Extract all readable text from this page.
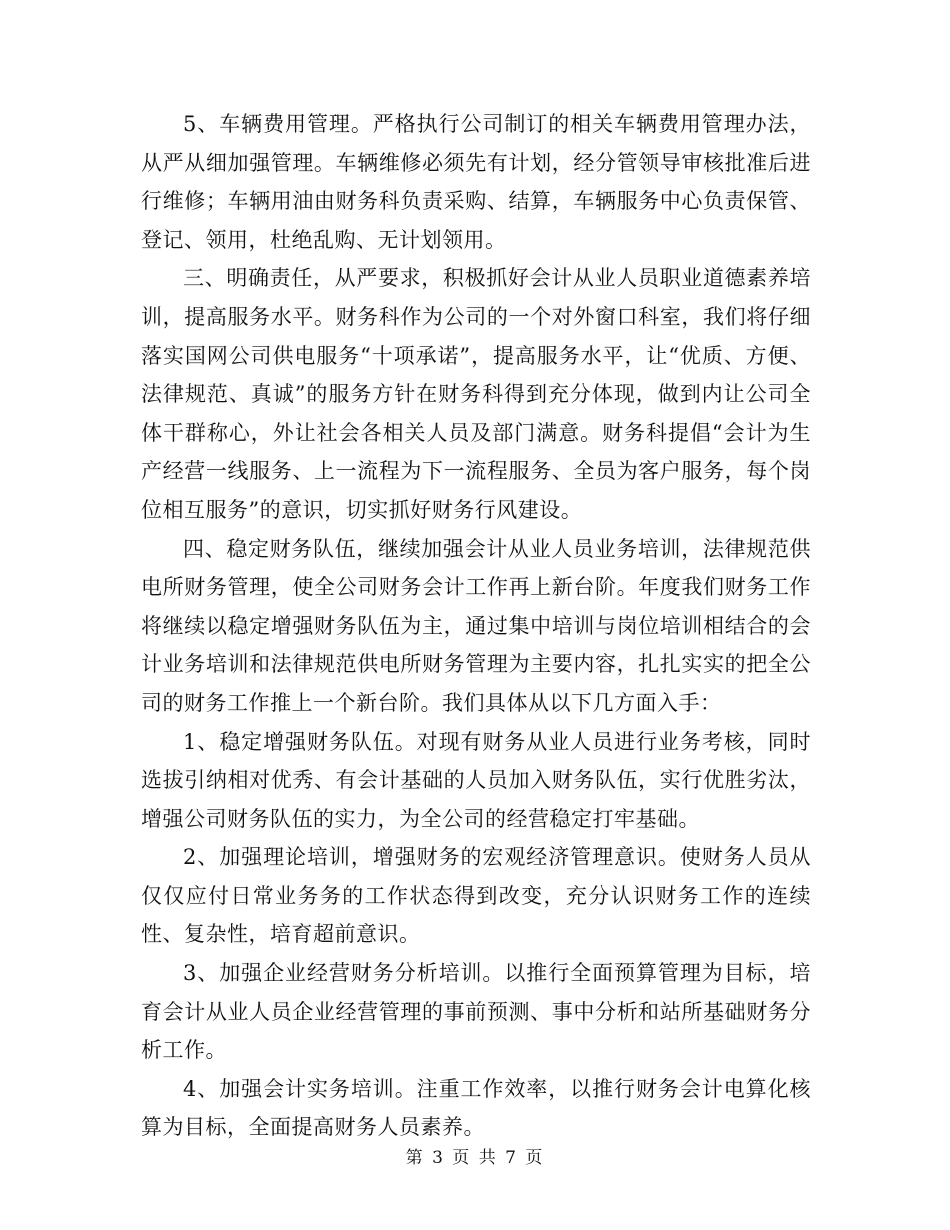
5、车辆费用管理。严格执行公司制订的相关车辆费用管理办法，从严从细加强管理。车辆维修必须先有计划，经分管领导审核批准后进行维修；车辆用油由财务科负责采购、结算，车辆服务中心负责保管、登记、领用，杜绝乱购、无计划领用。

三、明确责任，从严要求，积极抓好会计从业人员职业道德素养培训，提高服务水平。财务科作为公司的一个对外窗口科室，我们将仔细落实国网公司供电服务“十项承诺”，提高服务水平，让“优质、方便、法律规范、真诚”的服务方针在财务科得到充分体现，做到内让公司全体干群称心，外让社会各相关人员及部门满意。财务科提倡“会计为生产经营一线服务、上一流程为下一流程服务、全员为客户服务，每个岗位相互服务”的意识，切实抓好财务行风建设。

四、稳定财务队伍，继续加强会计从业人员业务培训，法律规范供电所财务管理，使全公司财务会计工作再上新台阶。年度我们财务工作将继续以稳定增强财务队伍为主，通过集中培训与岗位培训相结合的会计业务培训和法律规范供电所财务管理为主要内容，扎扎实实的把全公司的财务工作推上一个新台阶。我们具体从以下几方面入手：

1、稳定增强财务队伍。对现有财务从业人员进行业务考核，同时选拔引纳相对优秀、有会计基础的人员加入财务队伍，实行优胜劣汰，增强公司财务队伍的实力，为全公司的经营稳定打牢基础。

2、加强理论培训，增强财务的宏观经济管理意识。使财务人员从仅仅应付日常业务务的工作状态得到改变，充分认识财务工作的连续性、复杂性，培育超前意识。

3、加强企业经营财务分析培训。以推行全面预算管理为目标，培育会计从业人员企业经营管理的事前预测、事中分析和站所基础财务分析工作。

4、加强会计实务培训。注重工作效率，以推行财务会计电算化核算为目标，全面提高财务人员素养。

第 3 页 共 7 页
